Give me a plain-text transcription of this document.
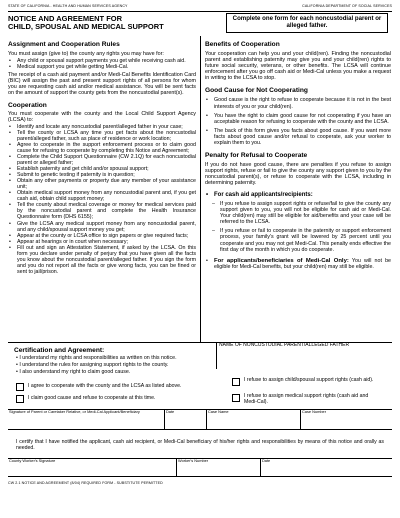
STATE OF CALIFORNIA - HEALTH AND HUMAN SERVICES AGENCY	CALIFORNIA DEPARTMENT OF SOCIAL SERVICES
NOTICE AND AGREEMENT FOR
CHILD, SPOUSAL AND MEDICAL SUPPORT
Complete one form for each noncustodial parent or alleged father.
Assignment and Cooperation Rules
You must assign (give to) the county any rights you may have for:
• Any child or spousal support payments you get while receiving cash aid.
• Medical support you get while getting Medi-Cal.
The receipt of a cash aid payment and/or Medi-Cal Benefits Identification Card (BIC) will assign the past and present support rights of all persons for whom you are requesting cash aid and/or medical assistance. You will be sent facts on the amount of support the county gets from the noncustodial parent(s).
Cooperation
You must cooperate with the county and the Local Child Support Agency (LCSA) to:
• Identify and locate any noncustodial parent/alleged father in your case;
• Tell the county or LCSA any time you get facts about the noncustodial parent/alleged father, such as place of residence or work location;
• Agree to cooperate in the support enforcement process or to claim good cause for refusing to cooperate by completing this Notice and Agreement;
• Complete the Child Support Questionnaire (CW 2.1Q) for each noncustodial parent or alleged father;
• Establish paternity and get child and/or spousal support;
• Submit to genetic testing if paternity is in question;
• Obtain any other payments or property due any member of your assistance unit;
• Obtain medical support money from any noncustodial parent and, if you get cash aid, obtain child support money;
• Tell the county about medical coverage or money for medical services paid by the noncustodial parent and complete the Health Insurance Questionnaire form (DHS 6155);
• Give the LCSA any medical support money from any noncustodial parent, and any child/spousal support money you get;
• Appear at the county or LCSA office to sign papers or give required facts;
• Appear at hearings or in court when necessary;
• Fill out and sign an Attestation Statement, if asked by the LCSA. On this form you declare under penalty of perjury that you have given all the facts you know about the noncustodial parent/alleged father. If you sign the form and you do not report all the facts or give wrong facts, you can be fined or sent to jail/prison.
Benefits of Cooperation
Your cooperation can help you and your child(ren). Finding the noncustodial parent and establishing paternity may give you and your child(ren) rights to future social security, veterans, or other benefits. The LCSA will continue enforcement after you go off cash aid or Medi-Cal unless you make a request in writing to the LCSA to stop.
Good Cause for Not Cooperating
• Good cause is the right to refuse to cooperate because it is not in the best interests of you or your child(ren).
• You have the right to claim good cause for not cooperating if you have an acceptable reason for refusing to cooperate with the county and the LCSA.
• The back of this form gives you facts about good cause. If you want more facts about good cause and/or refusal to cooperate, ask your worker to explain them to you.
Penalty for Refusal to Cooperate
If you do not have good cause, there are penalties if you refuse to assign support rights, refuse or fail to give the county any support given to you by the noncustodial parent(s), or refuse to cooperate with the LCSA, including in determining paternity.
• For cash aid applicants/recipients:
– If you refuse to assign support rights or refuse/fail to give the county any support given to you, you will not be eligible for cash aid or Medi-Cal. Your child(ren) may still be eligible for aid/benefits and your case will be referred to the LCSA.
– If you refuse or fail to cooperate in the paternity or support enforcement process, your family's grant will be lowered by 25 percent until you cooperate and you may not get Medi-Cal. This penalty ends effective the first day of the month in which you do cooperate.
• For applicants/beneficiaries of Medi-Cal Only: You will not be eligible for Medi-Cal benefits, but your child(ren) may still be eligible.
Certification and Agreement:
NAME OF NONCUSTODIAL PARENT/ALLEGED FATHER
• I understand my rights and responsibilities as written on this notice.
• I understand the rules for assigning support rights to the county.
• I also understand my right to claim good cause.
I agree to cooperate with the county and the LCSA as listed above.
I claim good cause and refuse to cooperate at this time.
I refuse to assign child/spousal support rights (cash aid).
I refuse to assign medical support rights (cash aid and Medi-Cal).
Signature of Parent or Caretaker Relative, or Medi-Cal Applicant/Beneficiary	Date	Case Name	Case Number
I certify that I have notified the applicant, cash aid recipient, or Medi-Cal beneficiary of his/her rights and responsibilities by means of this notice and orally as needed.
County Worker's Signature	Worker's Number	Date
CW 2.1 NOTICE AND AGREEMENT (8/04) REQUIRED FORM - SUBSTITUTE PERMITTED
